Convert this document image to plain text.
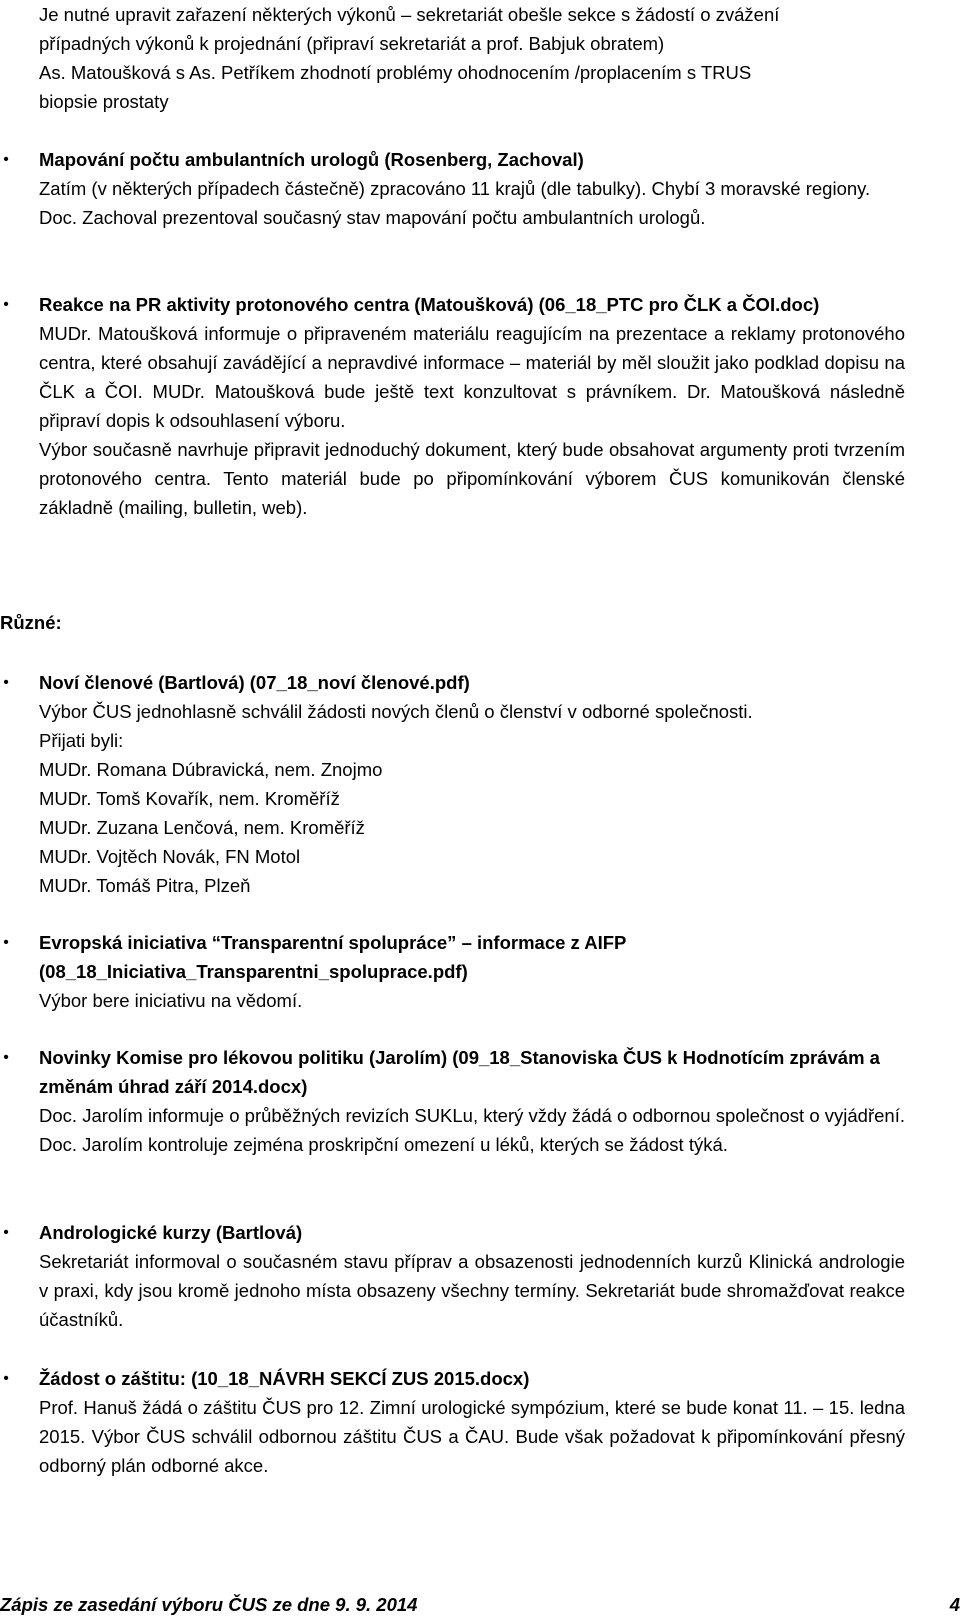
Je nutné upravit zařazení některých výkonů – sekretariát obešle sekce s žádostí o zvážení

případných výkonů k projednání (připraví sekretariát a prof. Babjuk obratem)

As. Matoušková s As. Petříkem zhodnotí problémy ohodnocením /proplacením s TRUS

biopsie prostaty

• Mapování počtu ambulantních urologů (Rosenberg, Zachoval)

Zatím (v některých případech částečně) zpracováno 11 krajů (dle tabulky). Chybí 3 moravské regiony.

Doc. Zachoval prezentoval současný stav mapování počtu ambulantních urologů.

• Reakce na PR aktivity protonového centra (Matoušková) (06_18_PTC pro ČLK a ČOI.doc)

MUDr. Matoušková informuje o připraveném materiálu reagujícím na prezentace a reklamy protonového centra, které obsahují zavádějící a nepravdivé informace – materiál by měl sloužit jako podklad dopisu na ČLK a ČOI. MUDr. Matoušková bude ještě text konzultovat s právníkem. Dr. Matoušková následně připraví dopis k odsouhlasení výboru.

Výbor současně navrhuje připravit jednoduchý dokument, který bude obsahovat argumenty proti tvrzením protonového centra. Tento materiál bude po připomínkování výborem ČUS komunikován členské základně (mailing, bulletin, web).

Různé:
• Noví členové (Bartlová) (07_18_noví členové.pdf)

Výbor ČUS jednohlasně schválil žádosti nových členů o členství v odborné společnosti.

Přijati byli:

MUDr. Romana Dúbravická, nem. Znojmo

MUDr. Tomš Kovařík, nem. Kroměříž

MUDr. Zuzana Lenčová, nem. Kroměříž

MUDr. Vojtěch Novák, FN Motol

MUDr. Tomáš Pitra, Plzeň

• Evropská iniciativa “Transparentní spolupráce” – informace z AIFP (08_18_Iniciativa_Transparentni_spoluprace.pdf)

Výbor bere iniciativu na vědomí.

• Novinky Komise pro lékovou politiku (Jarolím) (09_18_Stanoviska ČUS k Hodnotícím zprávám a změnám úhrad září 2014.docx)

Doc. Jarolím informuje o průběžných revizích SUKLu, který vždy žádá o odbornou společnost o vyjádření. Doc. Jarolím kontroluje zejména proskripční omezení u léků, kterých se žádost týká.

• Andrologické kurzy (Bartlová)

Sekretariát informoval o současném stavu příprav a obsazenosti jednodenních kurzů Klinická andrologie v praxi, kdy jsou kromě jednoho místa obsazeny všechny termíny. Sekretariát bude shromažďovat reakce účastníků.

• Žádost o záštitu: (10_18_NÁVRH SEKCÍ ZUS 2015.docx)

Prof. Hanuš žádá o záštitu ČUS pro 12. Zimní urologické sympózium, které se bude konat 11. – 15. ledna 2015. Výbor ČUS schválil odbornou záštitu ČUS a ČAU. Bude však požadovat k připomínkování přesný odborný plán odborné akce.

Zápis ze zasedání výboru ČUS ze dne 9. 9. 2014	4
